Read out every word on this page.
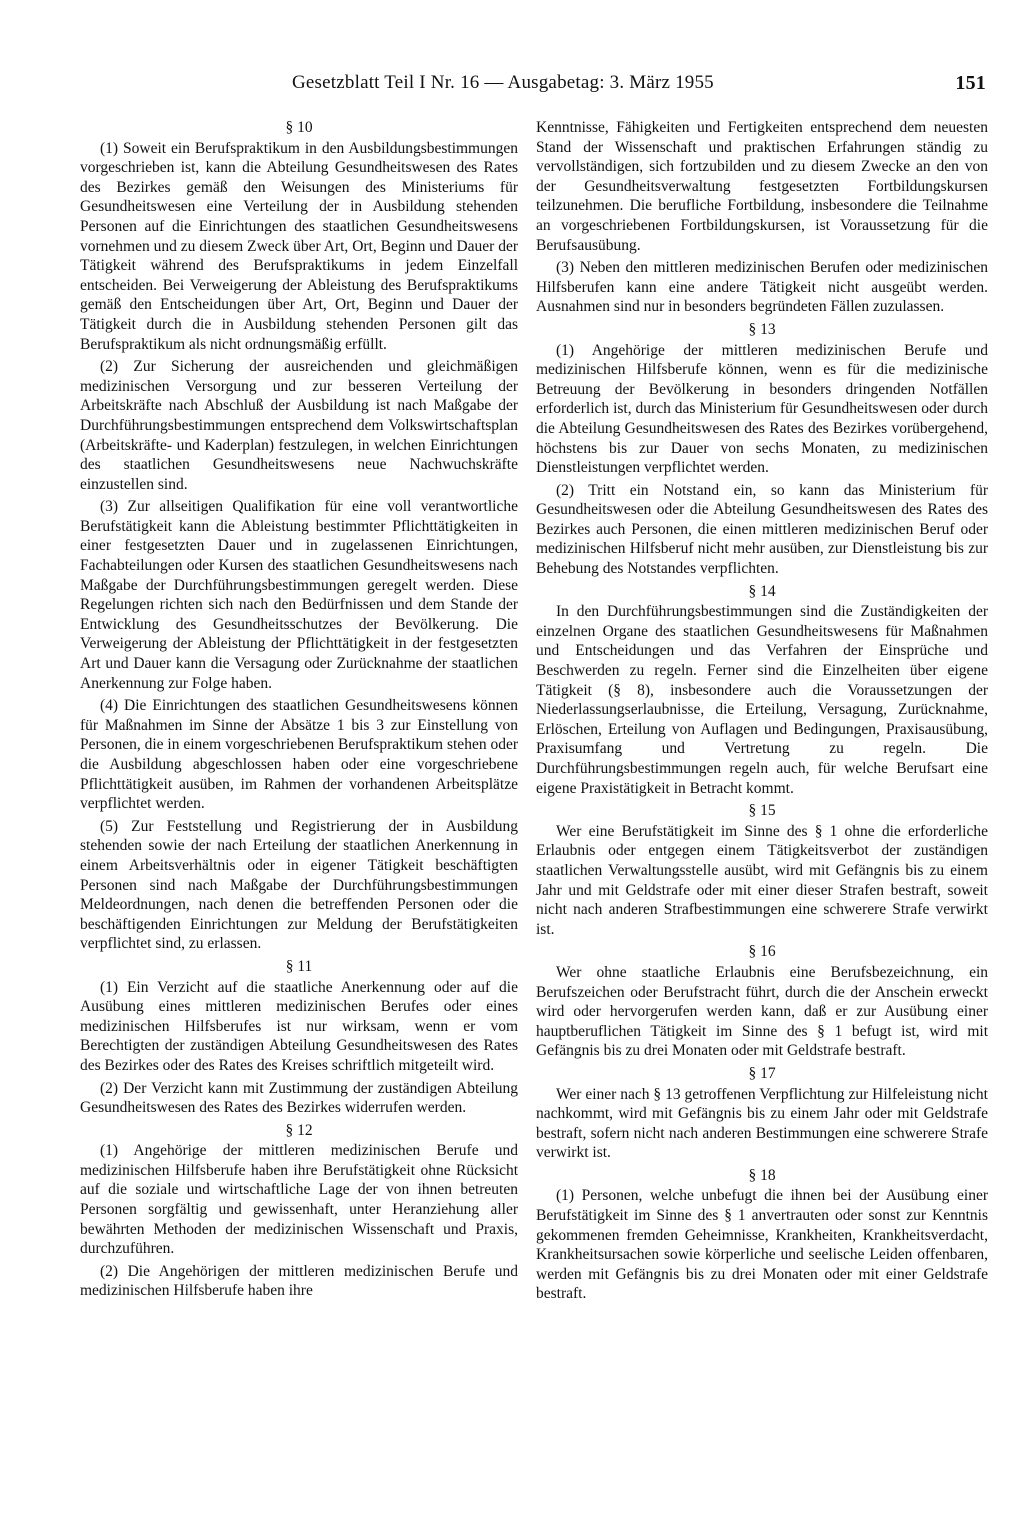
Gesetzblatt Teil I Nr. 16 — Ausgabetag: 3. März 1955	151
§ 10
(1) Soweit ein Berufspraktikum in den Ausbildungsbestimmungen vorgeschrieben ist, kann die Abteilung Gesundheitswesen des Rates des Bezirkes gemäß den Weisungen des Ministeriums für Gesundheitswesen eine Verteilung der in Ausbildung stehenden Personen auf die Einrichtungen des staatlichen Gesundheitswesens vornehmen und zu diesem Zweck über Art, Ort, Beginn und Dauer der Tätigkeit während des Berufspraktikums in jedem Einzelfall entscheiden. Bei Verweigerung der Ableistung des Berufspraktikums gemäß den Entscheidungen über Art, Ort, Beginn und Dauer der Tätigkeit durch die in Ausbildung stehenden Personen gilt das Berufspraktikum als nicht ordnungsmäßig erfüllt.
(2) Zur Sicherung der ausreichenden und gleichmäßigen medizinischen Versorgung und zur besseren Verteilung der Arbeitskräfte nach Abschluß der Ausbildung ist nach Maßgabe der Durchführungsbestimmungen entsprechend dem Volkswirtschaftsplan (Arbeitskräfte- und Kaderplan) festzulegen, in welchen Einrichtungen des staatlichen Gesundheitswesens neue Nachwuchskräfte einzustellen sind.
(3) Zur allseitigen Qualifikation für eine voll verantwortliche Berufstätigkeit kann die Ableistung bestimmter Pflichttätigkeiten in einer festgesetzten Dauer und in zugelassenen Einrichtungen, Fachabteilungen oder Kursen des staatlichen Gesundheitswesens nach Maßgabe der Durchführungsbestimmungen geregelt werden. Diese Regelungen richten sich nach den Bedürfnissen und dem Stande der Entwicklung des Gesundheitsschutzes der Bevölkerung. Die Verweigerung der Ableistung der Pflichttätigkeit in der festgesetzten Art und Dauer kann die Versagung oder Zurücknahme der staatlichen Anerkennung zur Folge haben.
(4) Die Einrichtungen des staatlichen Gesundheitswesens können für Maßnahmen im Sinne der Absätze 1 bis 3 zur Einstellung von Personen, die in einem vorgeschriebenen Berufspraktikum stehen oder die Ausbildung abgeschlossen haben oder eine vorgeschriebene Pflichttätigkeit ausüben, im Rahmen der vorhandenen Arbeitsplätze verpflichtet werden.
(5) Zur Feststellung und Registrierung der in Ausbildung stehenden sowie der nach Erteilung der staatlichen Anerkennung in einem Arbeitsverhältnis oder in eigener Tätigkeit beschäftigten Personen sind nach Maßgabe der Durchführungsbestimmungen Meldeordnungen, nach denen die betreffenden Personen oder die beschäftigenden Einrichtungen zur Meldung der Berufstätigkeiten verpflichtet sind, zu erlassen.
§ 11
(1) Ein Verzicht auf die staatliche Anerkennung oder auf die Ausübung eines mittleren medizinischen Berufes oder eines medizinischen Hilfsberufes ist nur wirksam, wenn er vom Berechtigten der zuständigen Abteilung Gesundheitswesen des Rates des Bezirkes oder des Rates des Kreises schriftlich mitgeteilt wird.
(2) Der Verzicht kann mit Zustimmung der zuständigen Abteilung Gesundheitswesen des Rates des Bezirkes widerrufen werden.
§ 12
(1) Angehörige der mittleren medizinischen Berufe und medizinischen Hilfsberufe haben ihre Berufstätigkeit ohne Rücksicht auf die soziale und wirtschaftliche Lage der von ihnen betreuten Personen sorgfältig und gewissenhaft, unter Heranziehung aller bewährten Methoden der medizinischen Wissenschaft und Praxis, durchzuführen.
(2) Die Angehörigen der mittleren medizinischen Berufe und medizinischen Hilfsberufe haben ihre
Kenntnisse, Fähigkeiten und Fertigkeiten entsprechend dem neuesten Stand der Wissenschaft und praktischen Erfahrungen ständig zu vervollständigen, sich fortzubilden und zu diesem Zwecke an den von der Gesundheitsverwaltung festgesetzten Fortbildungskursen teilzunehmen. Die berufliche Fortbildung, insbesondere die Teilnahme an vorgeschriebenen Fortbildungskursen, ist Voraussetzung für die Berufsausübung.
(3) Neben den mittleren medizinischen Berufen oder medizinischen Hilfsberufen kann eine andere Tätigkeit nicht ausgeübt werden. Ausnahmen sind nur in besonders begründeten Fällen zuzulassen.
§ 13
(1) Angehörige der mittleren medizinischen Berufe und medizinischen Hilfsberufe können, wenn es für die medizinische Betreuung der Bevölkerung in besonders dringenden Notfällen erforderlich ist, durch das Ministerium für Gesundheitswesen oder durch die Abteilung Gesundheitswesen des Rates des Bezirkes vorübergehend, höchstens bis zur Dauer von sechs Monaten, zu medizinischen Dienstleistungen verpflichtet werden.
(2) Tritt ein Notstand ein, so kann das Ministerium für Gesundheitswesen oder die Abteilung Gesundheitswesen des Rates des Bezirkes auch Personen, die einen mittleren medizinischen Beruf oder medizinischen Hilfsberuf nicht mehr ausüben, zur Dienstleistung bis zur Behebung des Notstandes verpflichten.
§ 14
In den Durchführungsbestimmungen sind die Zuständigkeiten der einzelnen Organe des staatlichen Gesundheitswesens für Maßnahmen und Entscheidungen und das Verfahren der Einsprüche und Beschwerden zu regeln. Ferner sind die Einzelheiten über eigene Tätigkeit (§ 8), insbesondere auch die Voraussetzungen der Niederlassungserlaubnisse, die Erteilung, Versagung, Zurücknahme, Erlöschen, Erteilung von Auflagen und Bedingungen, Praxisausübung, Praxisumfang und Vertretung zu regeln. Die Durchführungsbestimmungen regeln auch, für welche Berufsart eine eigene Praxistätigkeit in Betracht kommt.
§ 15
Wer eine Berufstätigkeit im Sinne des § 1 ohne die erforderliche Erlaubnis oder entgegen einem Tätigkeitsverbot der zuständigen staatlichen Verwaltungsstelle ausübt, wird mit Gefängnis bis zu einem Jahr und mit Geldstrafe oder mit einer dieser Strafen bestraft, soweit nicht nach anderen Strafbestimmungen eine schwerere Strafe verwirkt ist.
§ 16
Wer ohne staatliche Erlaubnis eine Berufsbezeichnung, ein Berufszeichen oder Berufstracht führt, durch die der Anschein erweckt wird oder hervorgerufen werden kann, daß er zur Ausübung einer hauptberuflichen Tätigkeit im Sinne des § 1 befugt ist, wird mit Gefängnis bis zu drei Monaten oder mit Geldstrafe bestraft.
§ 17
Wer einer nach § 13 getroffenen Verpflichtung zur Hilfeleistung nicht nachkommt, wird mit Gefängnis bis zu einem Jahr oder mit Geldstrafe bestraft, sofern nicht nach anderen Bestimmungen eine schwerere Strafe verwirkt ist.
§ 18
(1) Personen, welche unbefugt die ihnen bei der Ausübung einer Berufstätigkeit im Sinne des § 1 anvertrauten oder sonst zur Kenntnis gekommenen fremden Geheimnisse, Krankheiten, Krankheitsverdacht, Krankheitsursachen sowie körperliche und seelische Leiden offenbaren, werden mit Gefängnis bis zu drei Monaten oder mit einer Geldstrafe bestraft.
